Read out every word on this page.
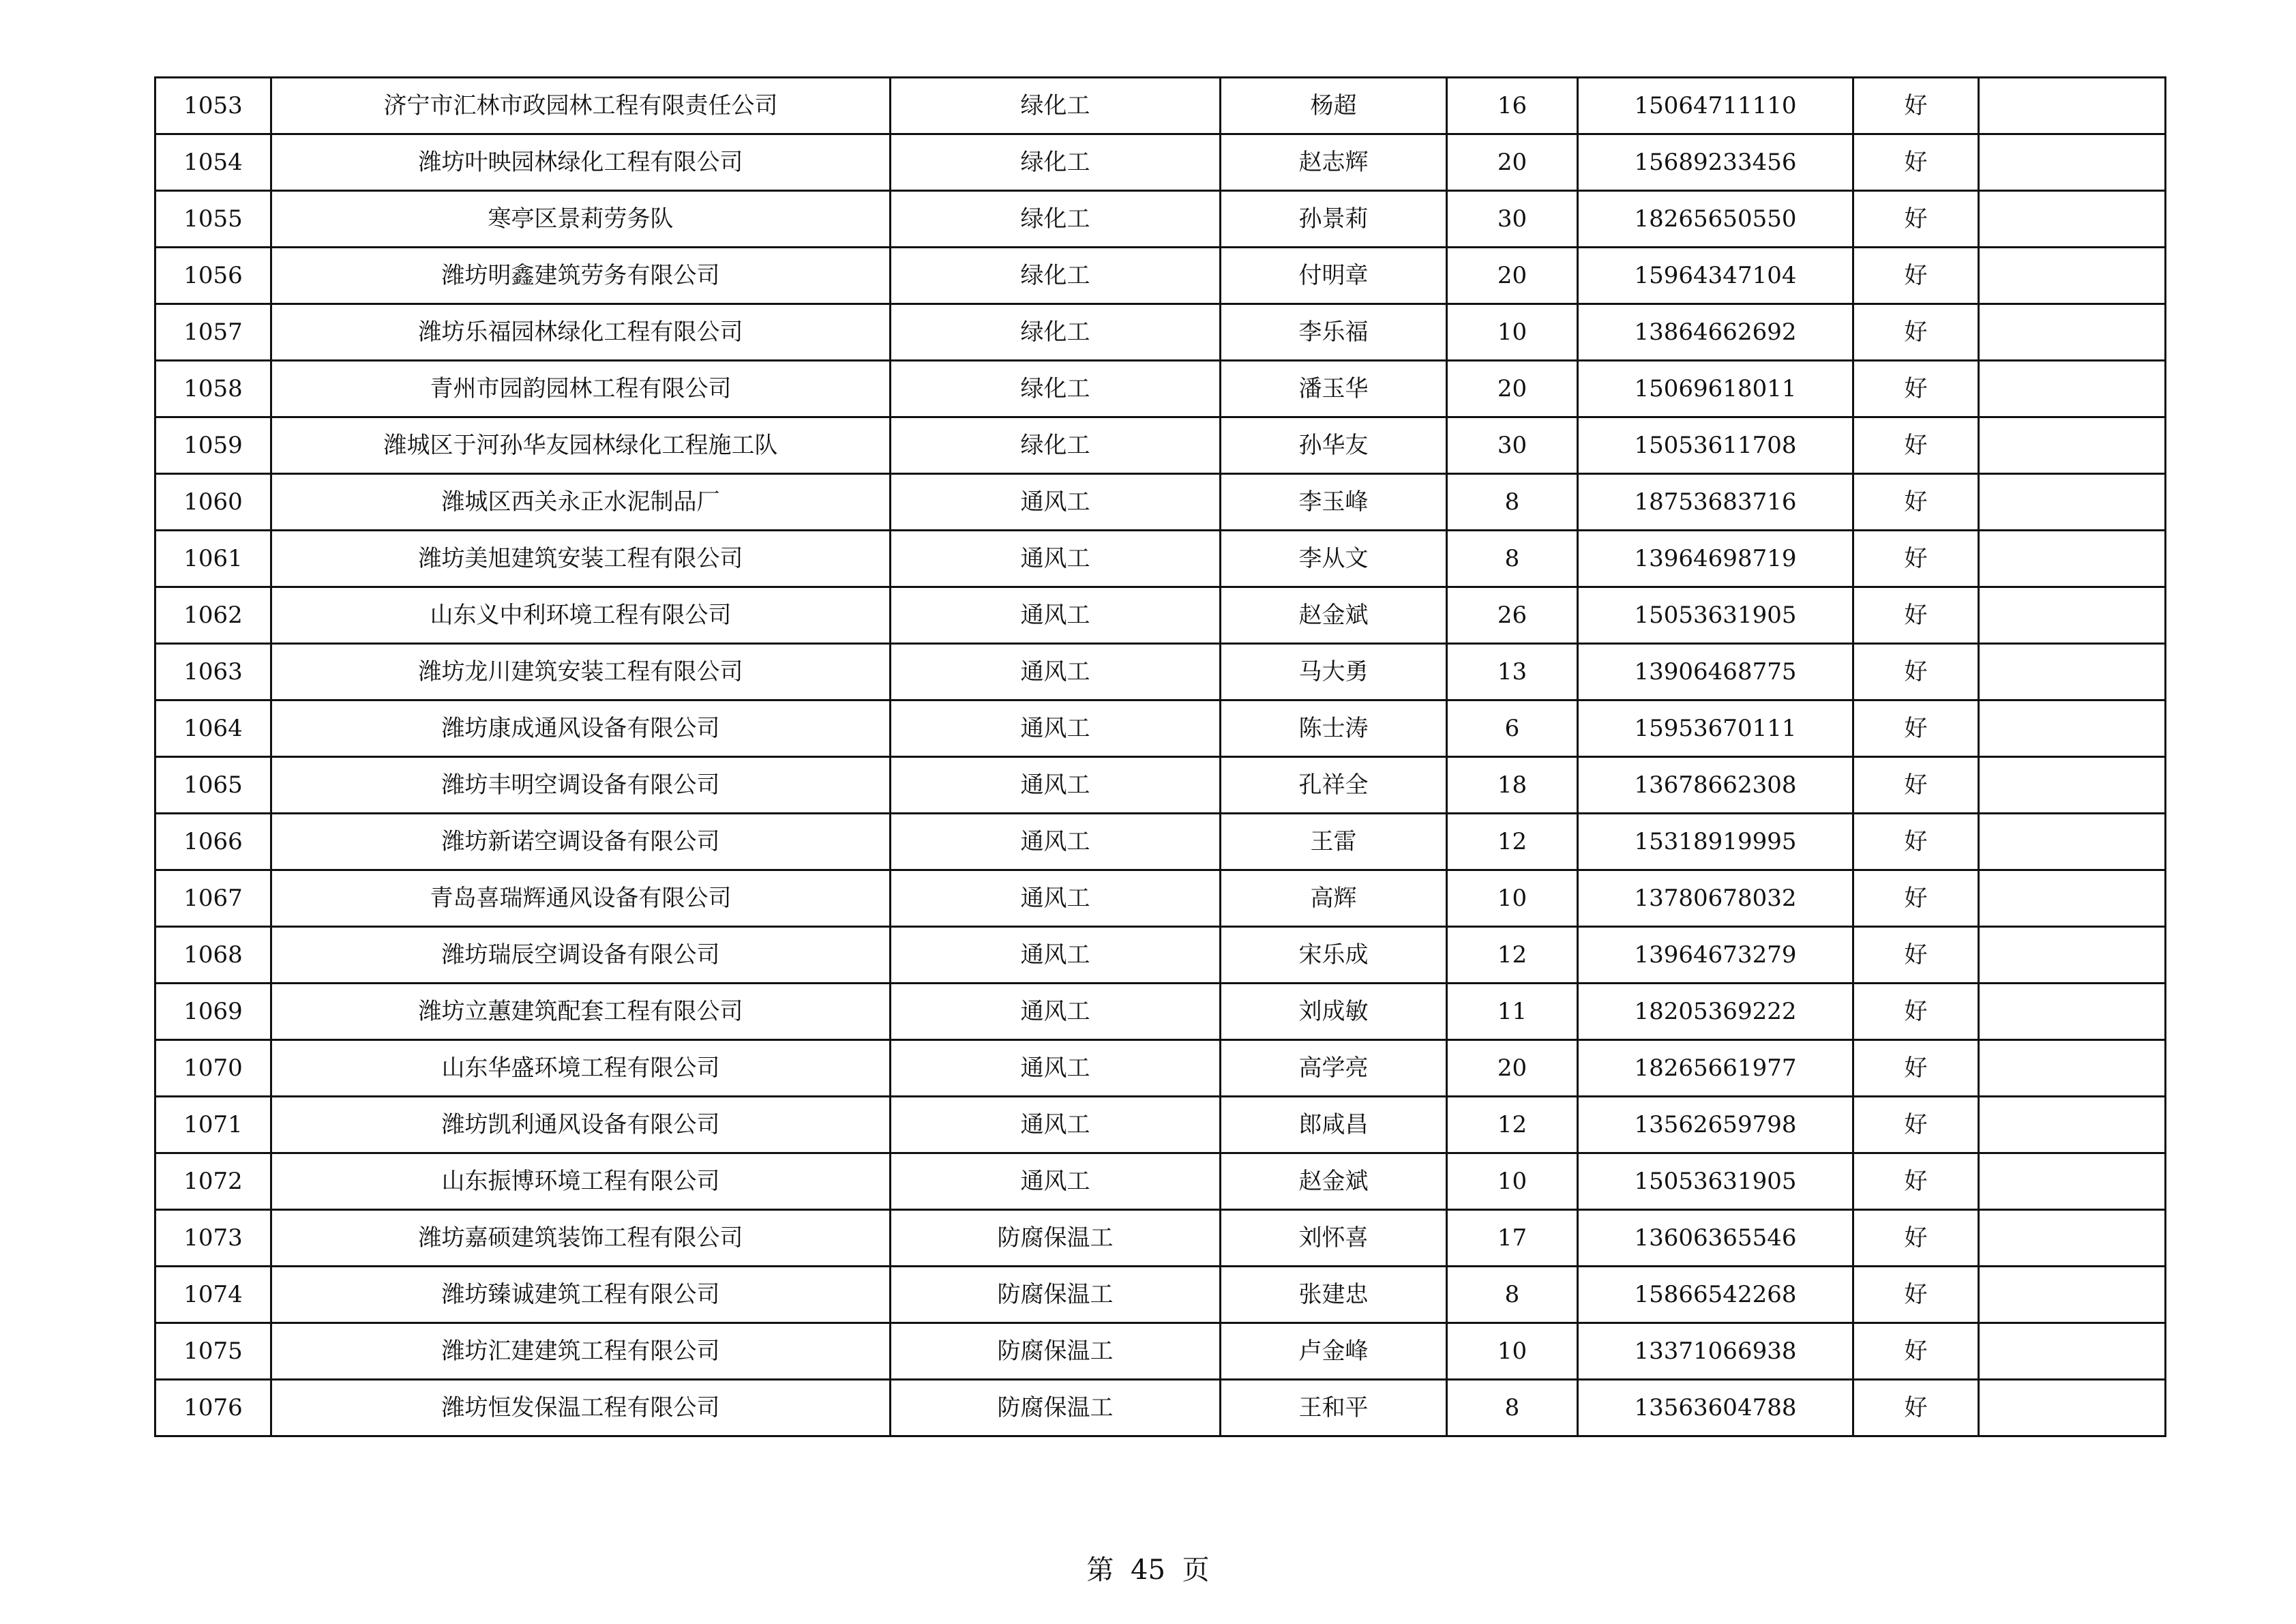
1053	济宁市汇林市政园林工程有限责任公司	绿化工	杨超	16	15064711110	好	
1054	潍坊叶映园林绿化工程有限公司	绿化工	赵志辉	20	15689233456	好	
1055	寒亭区景莉劳务队	绿化工	孙景莉	30	18265650550	好	
1056	潍坊明鑫建筑劳务有限公司	绿化工	付明章	20	15964347104	好	
1057	潍坊乐福园林绿化工程有限公司	绿化工	李乐福	10	13864662692	好	
1058	青州市园韵园林工程有限公司	绿化工	潘玉华	20	15069618011	好	
1059	潍城区于河孙华友园林绿化工程施工队	绿化工	孙华友	30	15053611708	好	
1060	潍城区西关永正水泥制品厂	通风工	李玉峰	8	18753683716	好	
1061	潍坊美旭建筑安装工程有限公司	通风工	李从文	8	13964698719	好	
1062	山东义中利环境工程有限公司	通风工	赵金斌	26	15053631905	好	
1063	潍坊龙川建筑安装工程有限公司	通风工	马大勇	13	13906468775	好	
1064	潍坊康成通风设备有限公司	通风工	陈士涛	6	15953670111	好	
1065	潍坊丰明空调设备有限公司	通风工	孔祥全	18	13678662308	好	
1066	潍坊新诺空调设备有限公司	通风工	王雷	12	15318919995	好	
1067	青岛喜瑞辉通风设备有限公司	通风工	高辉	10	13780678032	好	
1068	潍坊瑞辰空调设备有限公司	通风工	宋乐成	12	13964673279	好	
1069	潍坊立蕙建筑配套工程有限公司	通风工	刘成敏	11	18205369222	好	
1070	山东华盛环境工程有限公司	通风工	高学亮	20	18265661977	好	
1071	潍坊凯利通风设备有限公司	通风工	郎咸昌	12	13562659798	好	
1072	山东振博环境工程有限公司	通风工	赵金斌	10	15053631905	好	
1073	潍坊嘉硕建筑装饰工程有限公司	防腐保温工	刘怀喜	17	13606365546	好	
1074	潍坊臻诚建筑工程有限公司	防腐保温工	张建忠	8	15866542268	好	
1075	潍坊汇建建筑工程有限公司	防腐保温工	卢金峰	10	13371066938	好	
1076	潍坊恒发保温工程有限公司	防腐保温工	王和平	8	13563604788	好	
第 45 页
